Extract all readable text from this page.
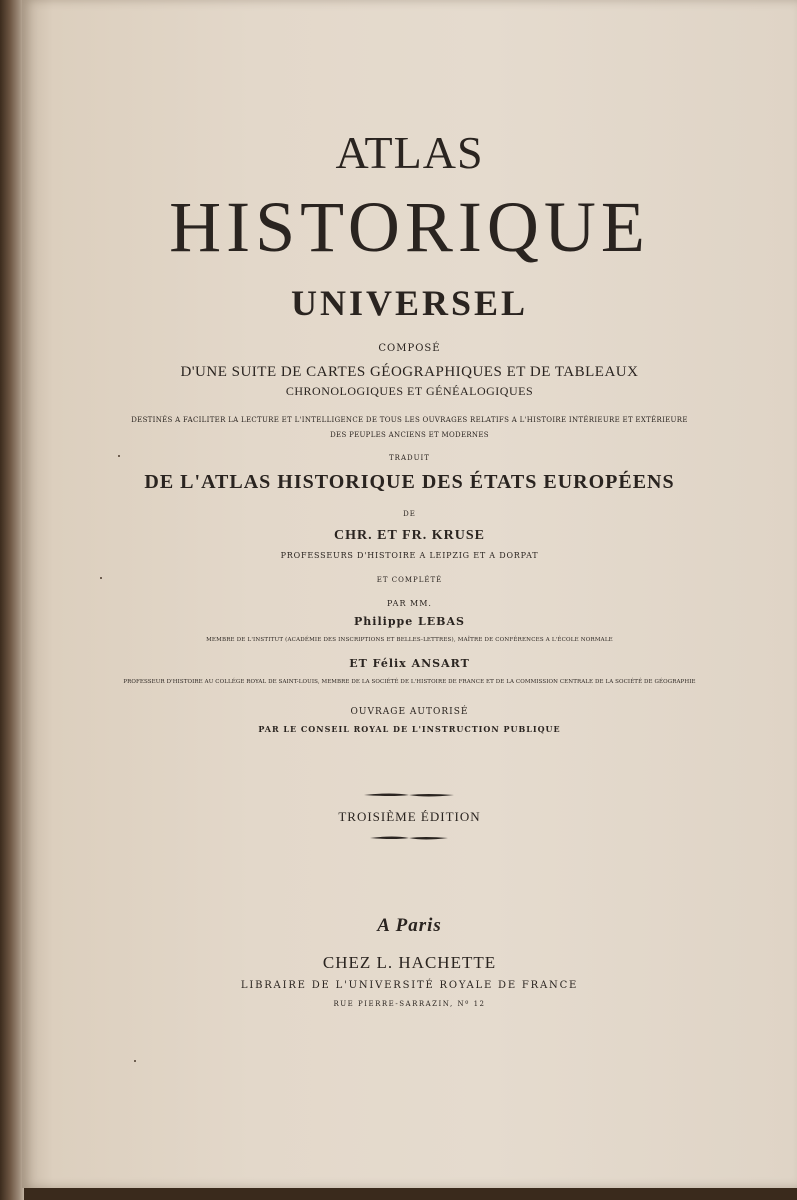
ATLAS

HISTORIQUE

UNIVERSEL

COMPOSÉ

D'UNE SUITE DE CARTES GÉOGRAPHIQUES ET DE TABLEAUX

CHRONOLOGIQUES ET GÉNÉALOGIQUES

DESTINÉS A FACILITER LA LECTURE ET L'INTELLIGENCE DE TOUS LES OUVRAGES RELATIFS A L'HISTOIRE INTÉRIEURE ET EXTÉRIEURE

DES PEUPLES ANCIENS ET MODERNES

TRADUIT

DE L'ATLAS HISTORIQUE DES ÉTATS EUROPÉENS

DE

CHR. ET FR. KRUSE

PROFESSEURS D'HISTOIRE A LEIPZIG ET A DORPAT

ET COMPLÉTÉ

PAR MM.

Philippe LEBAS

MEMBRE DE L'INSTITUT (ACADÉMIE DES INSCRIPTIONS ET BELLES-LETTRES), MAÎTRE DE CONFÉRENCES A L'ÉCOLE NORMALE

ET Félix ANSART

PROFESSEUR D'HISTOIRE AU COLLÉGE ROYAL DE SAINT-LOUIS, MEMBRE DE LA SOCIÉTÉ DE L'HISTOIRE DE FRANCE ET DE LA COMMISSION CENTRALE DE LA SOCIÉTÉ DE GÉOGRAPHIE

OUVRAGE AUTORISÉ

PAR LE CONSEIL ROYAL DE L'INSTRUCTION PUBLIQUE

TROISIÈME ÉDITION

A Paris

CHEZ L. HACHETTE

LIBRAIRE DE L'UNIVERSITÉ ROYALE DE FRANCE

RUE PIERRE-SARRAZIN, Nº 12
